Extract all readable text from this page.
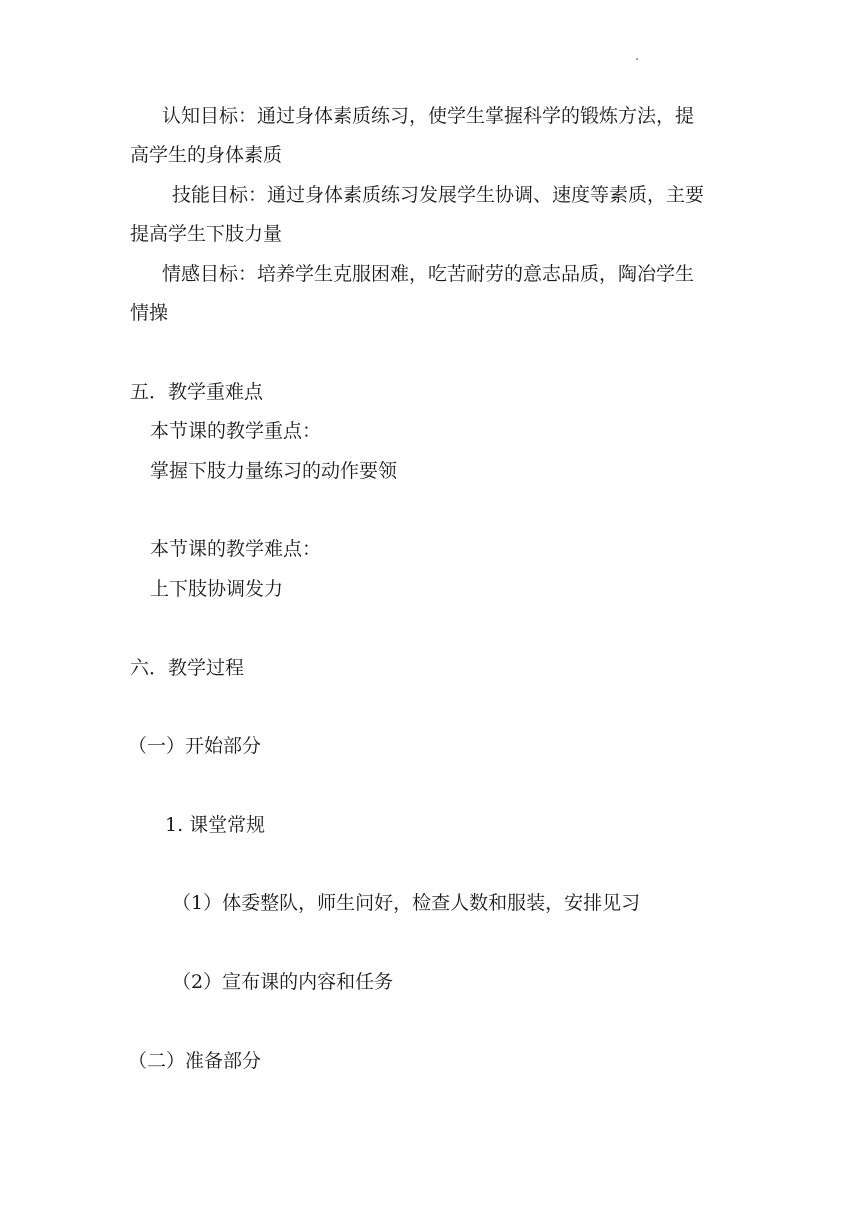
认知目标：通过身体素质练习，使学生掌握科学的锻炼方法，提

高学生的身体素质

技能目标：通过身体素质练习发展学生协调、速度等素质，主要

提高学生下肢力量

情感目标：培养学生克服困难，吃苦耐劳的意志品质，陶冶学生

情操

五．教学重难点

本节课的教学重点：

掌握下肢力量练习的动作要领

本节课的教学难点：

上下肢协调发力

六．教学过程

（一）开始部分

1. 课堂常规

（1）体委整队，师生问好，检查人数和服装，安排见习

（2）宣布课的内容和任务

（二）准备部分
